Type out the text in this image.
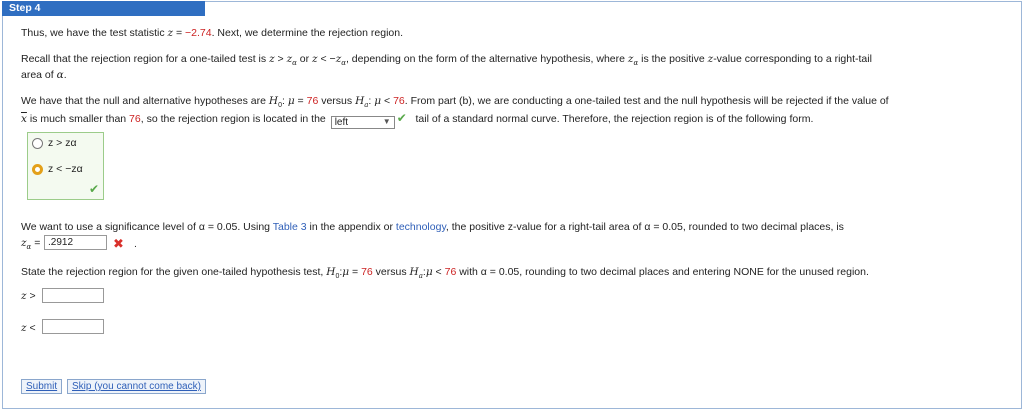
Step 4
Thus, we have the test statistic z = −2.74. Next, we determine the rejection region.
Recall that the rejection region for a one-tailed test is $z > z_\alpha$ or $z < -z_\alpha$, depending on the form of the alternative hypothesis, where $z_\alpha$ is the positive z-value corresponding to a right-tail
area of α.
We have that the null and alternative hypotheses are $H_0$: μ = 76 versus $H_a$: μ < 76. From part (b), we are conducting a one-tailed test and the null hypothesis will be rejected if the value of
$\overline{x}$ is much smaller than 76, so the rejection region is located in the left	▼ ✔ tail of a standard normal curve. Therefore, the rejection region is of the following form.
z > zα
z < −zα
✔
We want to use a significance level of α = 0.05. Using Table 3 in the appendix or technology, the positive z-value for a right-tail area of α = 0.05, rounded to two decimal places, is
$z_\alpha = .2912$	✖ .
State the rejection region for the given one-tailed hypothesis test, $H_0:\mu = 76$ versus $H_a:\mu < 76$ with α = 0.05, rounding to two decimal places and entering NONE for the unused region.
z >
z <
Submit	Skip (you cannot come back)
